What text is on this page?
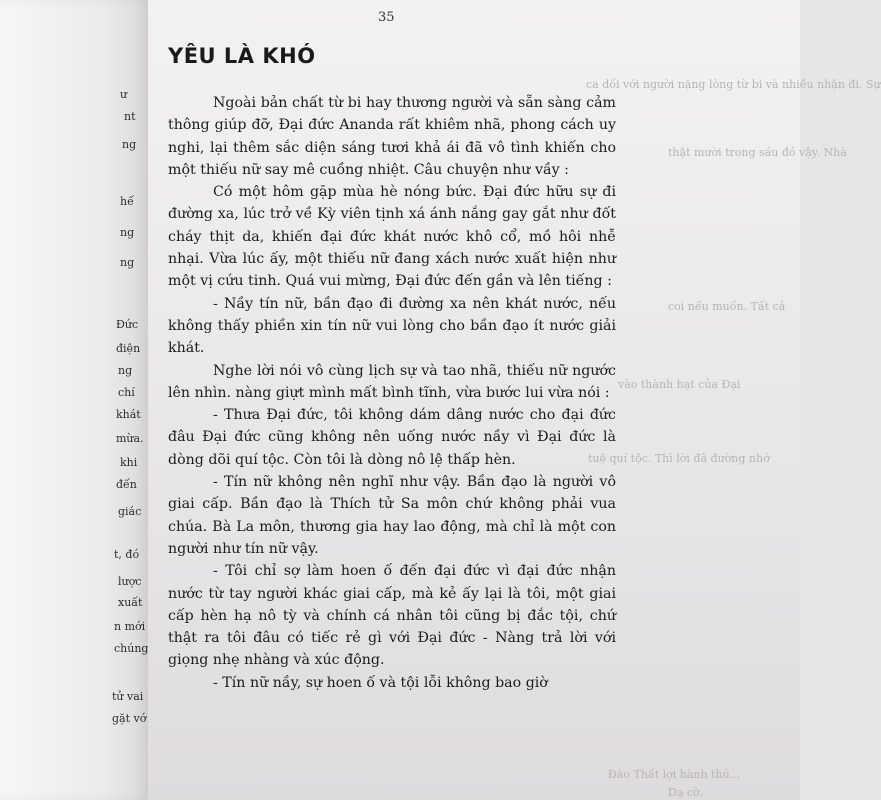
ư
nt
ng
hế
ng
ng
Đức
điện
ng
chí
khát
mừa.
khi
đến
giác
t, đó
lược
xuất
n mới
chúng
tử vai
gặt vớ
ca dối với người nặng lòng từ bi và nhiều nhận đi. Sự
thật mười trong sáu đó vậy. Nhà
coi nếu muốn. Tất cả
vào thành hạt của Đại
tuệ quí tộc. Thì lời đã đường nhớ
Đào Thất lợi hành thú...
Dạ cờ.
35
YÊU LÀ KHÓ

Ngoài bản chất từ bi hay thương người và sẵn sàng cảm thông giúp đỡ, Đại đức Ananda rất khiêm nhã, phong cách uy nghi, lại thêm sắc diện sáng tươi khả ái đã vô tình khiến cho một thiếu nữ say mê cuồng nhiệt. Câu chuyện như vầy :

Có một hôm gặp mùa hè nóng bức. Đại đức hữu sự đi đường xa, lúc trở về Kỳ viên tịnh xá ánh nắng gay gắt như đốt cháy thịt da, khiến đại đức khát nước khô cổ, mồ hôi nhễ nhại. Vừa lúc ấy, một thiếu nữ đang xách nước xuất hiện như một vị cứu tinh. Quá vui mừng, Đại đức đến gần và lên tiếng :

- Nầy tín nữ, bần đạo đi đường xa nên khát nước, nếu không thấy phiền xin tín nữ vui lòng cho bần đạo ít nước giải khát.

Nghe lời nói vô cùng lịch sự và tao nhã, thiếu nữ ngước lên nhìn. nàng giựt mình mất bình tĩnh, vừa bước lui vừa nói :

- Thưa Đại đức, tôi không dám dâng nước cho đại đức đâu Đại đức cũng không nên uống nước nầy vì Đại đức là dòng dõi quí tộc. Còn tôi là dòng nô lệ thấp hèn.

- Tín nữ không nên nghĩ như vậy. Bần đạo là người vô giai cấp. Bần đạo là Thích tử Sa môn chứ không phải vua chúa. Bà La môn, thương gia hay lao động, mà chỉ là một con người như tín nữ vậy.

- Tôi chỉ sợ làm hoen ố đến đại đức vì đại đức nhận nước từ tay người khác giai cấp, mà kẻ ấy lại là tôi, một giai cấp hèn hạ nô tỳ và chính cá nhân tôi cũng bị đắc tội, chứ thật ra tôi đâu có tiếc rẻ gì với Đại đức - Nàng trả lời với giọng nhẹ nhàng và xúc động.

- Tín nữ nầy, sự hoen ố và tội lỗi không bao giờ
